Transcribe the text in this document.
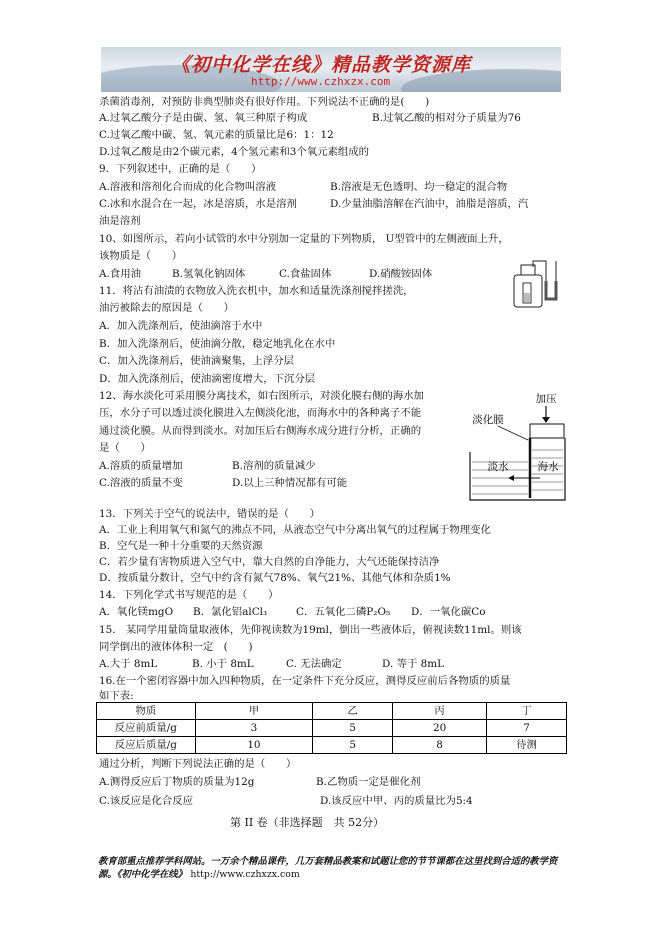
《初中化学在线》精品教学资源库
http://www.czhxzx.com
杀菌消毒剂，对预防非典型肺炎有很好作用。下列说法不正确的是(　　)
A.过氧乙酸分子是由碳、氢、氧三种原子构成	B.过氧乙酸的相对分子质量为76
C.过氧乙酸中碳、氢、氧元素的质量比是6：1：12
D.过氧乙酸是由2个碳元素，4个氢元素和3个氧元素组成的
9．下列叙述中，正确的是（　　）
A.溶液和溶剂化合而成的化合物叫溶液	B.溶液是无色透明、均一稳定的混合物
C.冰和水混合在一起，冰是溶质，水是溶剂	D.少量油脂溶解在汽油中，油脂是溶质，汽
油是溶剂
10、如图所示，若向小试管的水中分别加一定量的下列物质， U型管中的左侧液面上升，
该物质是（　　）
A.食用油	B.氢氧化钠固体	C.食盐固体	D.硝酸铵固体
11．将沾有油渍的衣物放入洗衣机中，加水和适量洗涤剂搅拌搓洗，
油污被除去的原因是（　　）
A．加入洗涤剂后，使油滴溶于水中
B．加入洗涤剂后，使油滴分散，稳定地乳化在水中
C．加入洗涤剂后，使油滴聚集，上浮分层
D．加入洗涤剂后，使油滴密度增大，下沉分层
12、海水淡化可采用膜分离技术，如右图所示，对淡化膜右侧的海水加
压，水分子可以透过淡化膜进入左侧淡化池，而海水中的各种离子不能
通过淡化膜。从而得到淡水。对加压后右侧海水成分进行分析，正确的
是（　　）
A.溶质的质量增加	B.溶剂的质量减少
C.溶液的质量不变	D.以上三种情况都有可能
13．下列关于空气的说法中，错误的是（　　）
A．工业上利用氧气和氮气的沸点不同，从液态空气中分离出氧气的过程属于物理变化
B．空气是一种十分重要的天然资源
C．若少量有害物质进入空气中，靠大自然的自净能力，大气还能保持洁净
D．按质量分数计，空气中约含有氮气78%、氧气21%、其他气体和杂质1%
14．下列化学式书写规范的是（　　）
A．氧化镁mgO B．氯化铝alCl₃	C．五氧化二磷P₂O₅ D．一氧化碳Co
15． 某同学用量筒量取液体，先仰视读数为19ml，倒出一些液体后，俯视读数11ml。则该
同学倒出的液体体积一定　(　　)
A.大于 8mL	B. 小于 8mL	C. 无法确定	D. 等于 8mL
16.在一个密闭容器中加入四种物质，在一定条件下充分反应，测得反应前后各物质的质量
如下表:
物质	甲	乙	丙	丁
反应前质量/g	3	5	20	7
反应后质量/g	10	5	8	待测
通过分析，判断下列说法正确的是（　　）
A.测得反应后丁物质的质量为12g	B.乙物质一定是催化剂
C.该反应是化合反应	D.该反应中甲、丙的质量比为5:4
第 II 卷（非选择题　共 52分）
加压
淡化膜
淡水	海水
教育部重点推荐学科网站。一万余个精品课件，几万套精品教案和试题让您的节节课都在这里找到合适的教学资源。《初中化学在线》 http://www.czhxzx.com
